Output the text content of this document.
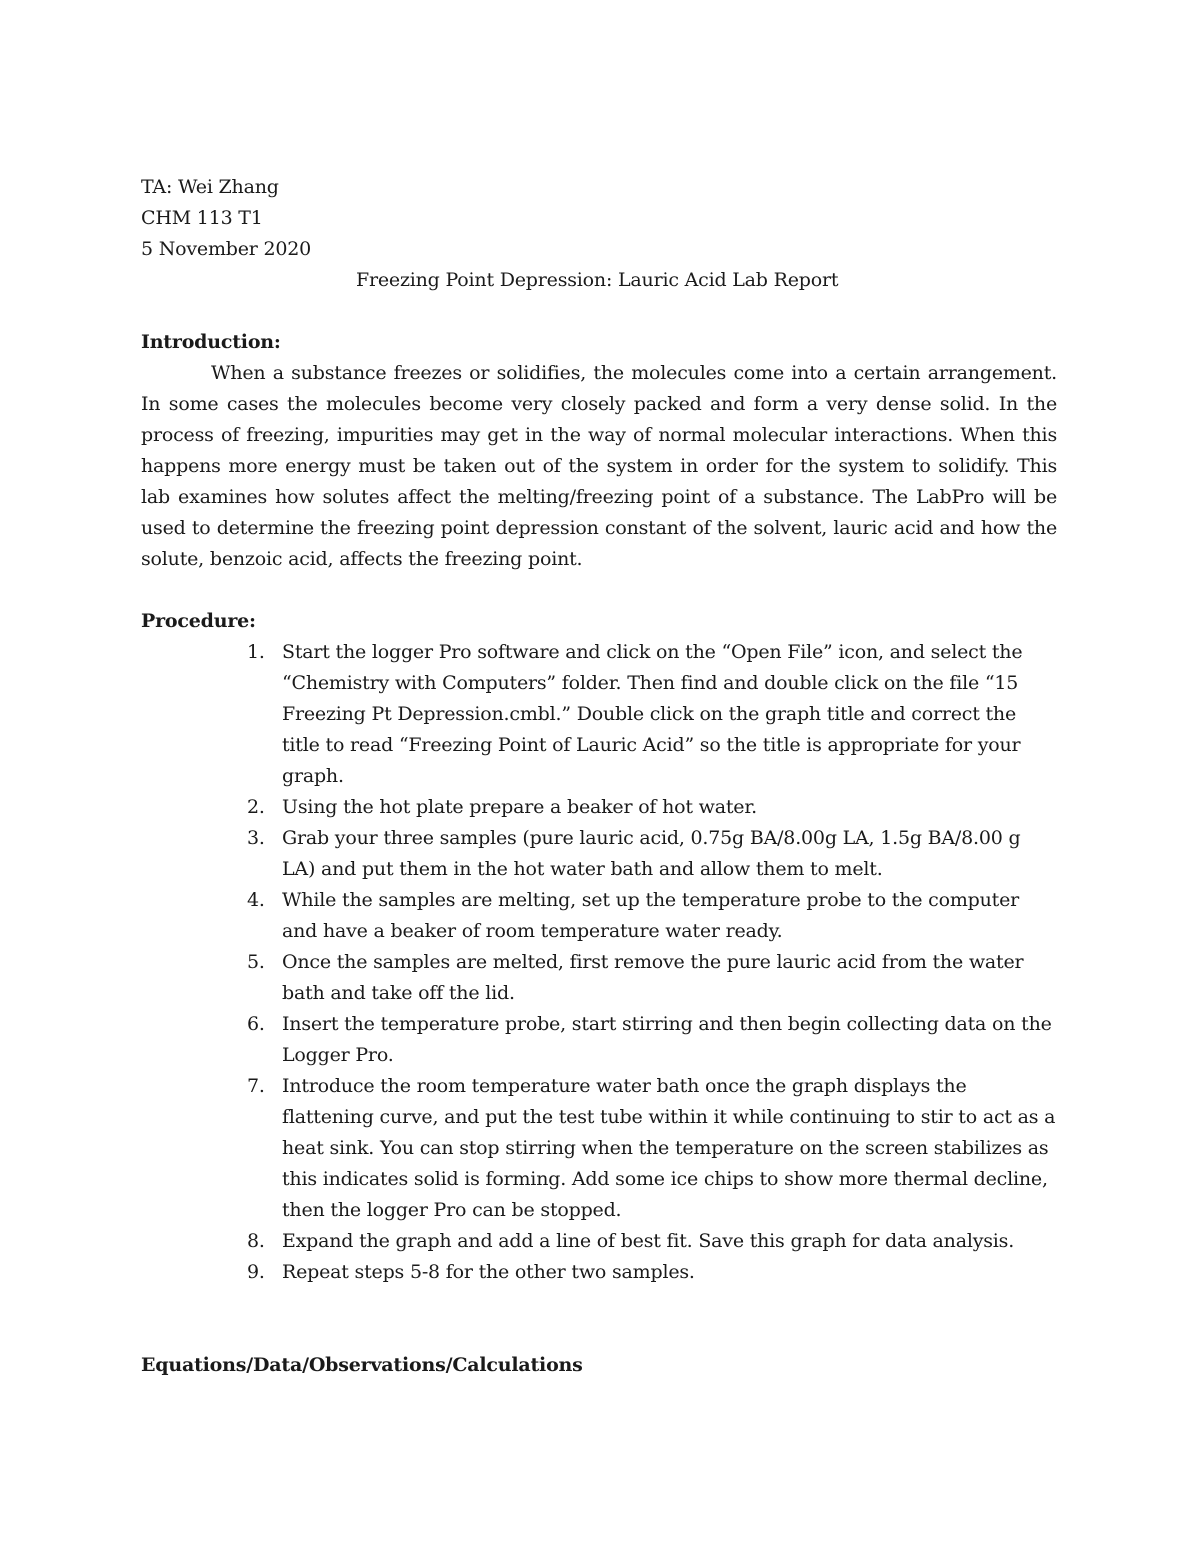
TA: Wei Zhang

CHM 113 T1

5 November 2020

Freezing Point Depression: Lauric Acid Lab Report

Introduction:

When a substance freezes or solidifies, the molecules come into a certain arrangement. In some cases the molecules become very closely packed and form a very dense solid. In the process of freezing, impurities may get in the way of normal molecular interactions. When this happens more energy must be taken out of the system in order for the system to solidify. This lab examines how solutes affect the melting/freezing point of a substance. The LabPro will be used to determine the freezing point depression constant of the solvent, lauric acid and how the solute, benzoic acid, affects the freezing point.

Procedure:

1. Start the logger Pro software and click on the “Open File” icon, and select the “Chemistry with Computers” folder. Then find and double click on the file “15 Freezing Pt Depression.cmbl.” Double click on the graph title and correct the title to read “Freezing Point of Lauric Acid” so the title is appropriate for your graph.
2. Using the hot plate prepare a beaker of hot water.
3. Grab your three samples (pure lauric acid, 0.75g BA/8.00g LA, 1.5g BA/8.00 g LA) and put them in the hot water bath and allow them to melt.
4. While the samples are melting, set up the temperature probe to the computer and have a beaker of room temperature water ready.
5. Once the samples are melted, first remove the pure lauric acid from the water bath and take off the lid.
6. Insert the temperature probe, start stirring and then begin collecting data on the Logger Pro.
7. Introduce the room temperature water bath once the graph displays the flattening curve, and put the test tube within it while continuing to stir to act as a heat sink. You can stop stirring when the temperature on the screen stabilizes as this indicates solid is forming. Add some ice chips to show more thermal decline, then the logger Pro can be stopped.
8. Expand the graph and add a line of best fit. Save this graph for data analysis.
9. Repeat steps 5-8 for the other two samples.

Equations/Data/Observations/Calculations
